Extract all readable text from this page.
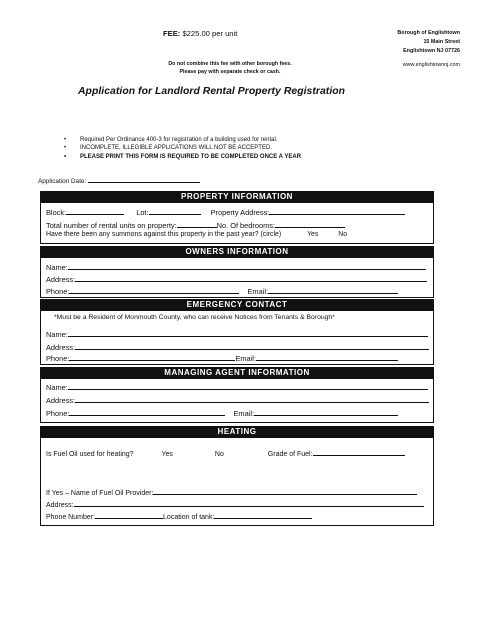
FEE: $225.00 per unit	Borough of Englishtown
15 Main Street
Englishtown NJ 07726
www.englishtownnj.com
Do not combine this fee with other borough fees.
Please pay with separate check or cash.
Application for Landlord Rental Property Registration
• Required Per Ordinance 400-3 for registration of a building used for rental.
• INCOMPLETE, ILLEGIBLE APPLICATIONS WILL NOT BE ACCEPTED.
• PLEASE PRINT THIS FORM IS REQUIRED TO BE COMPLETED ONCE A YEAR
Application Date:
PROPERTY INFORMATION
Block:	Lot:	Property Address:
Total number of rental units on property:	No. Of bedrooms:
Have there been any summons against this property in the past year? (circle)	Yes	No
OWNERS INFORMATION
Name:
Address:
Phone:	Email:
EMERGENCY CONTACT
*Must be a Resident of Monmouth County, who can receive Notices from Tenants & Borough*
Name:
Address:
Phone:	Email:
MANAGING AGENT INFORMATION
Name:
Address:
Phone:	Email:
HEATING
Is Fuel Oil used for heating?	Yes	No	Grade of Fuel:
If Yes – Name of Fuel Oil Provider:
Address:
Phone Number:	Location of tank:
